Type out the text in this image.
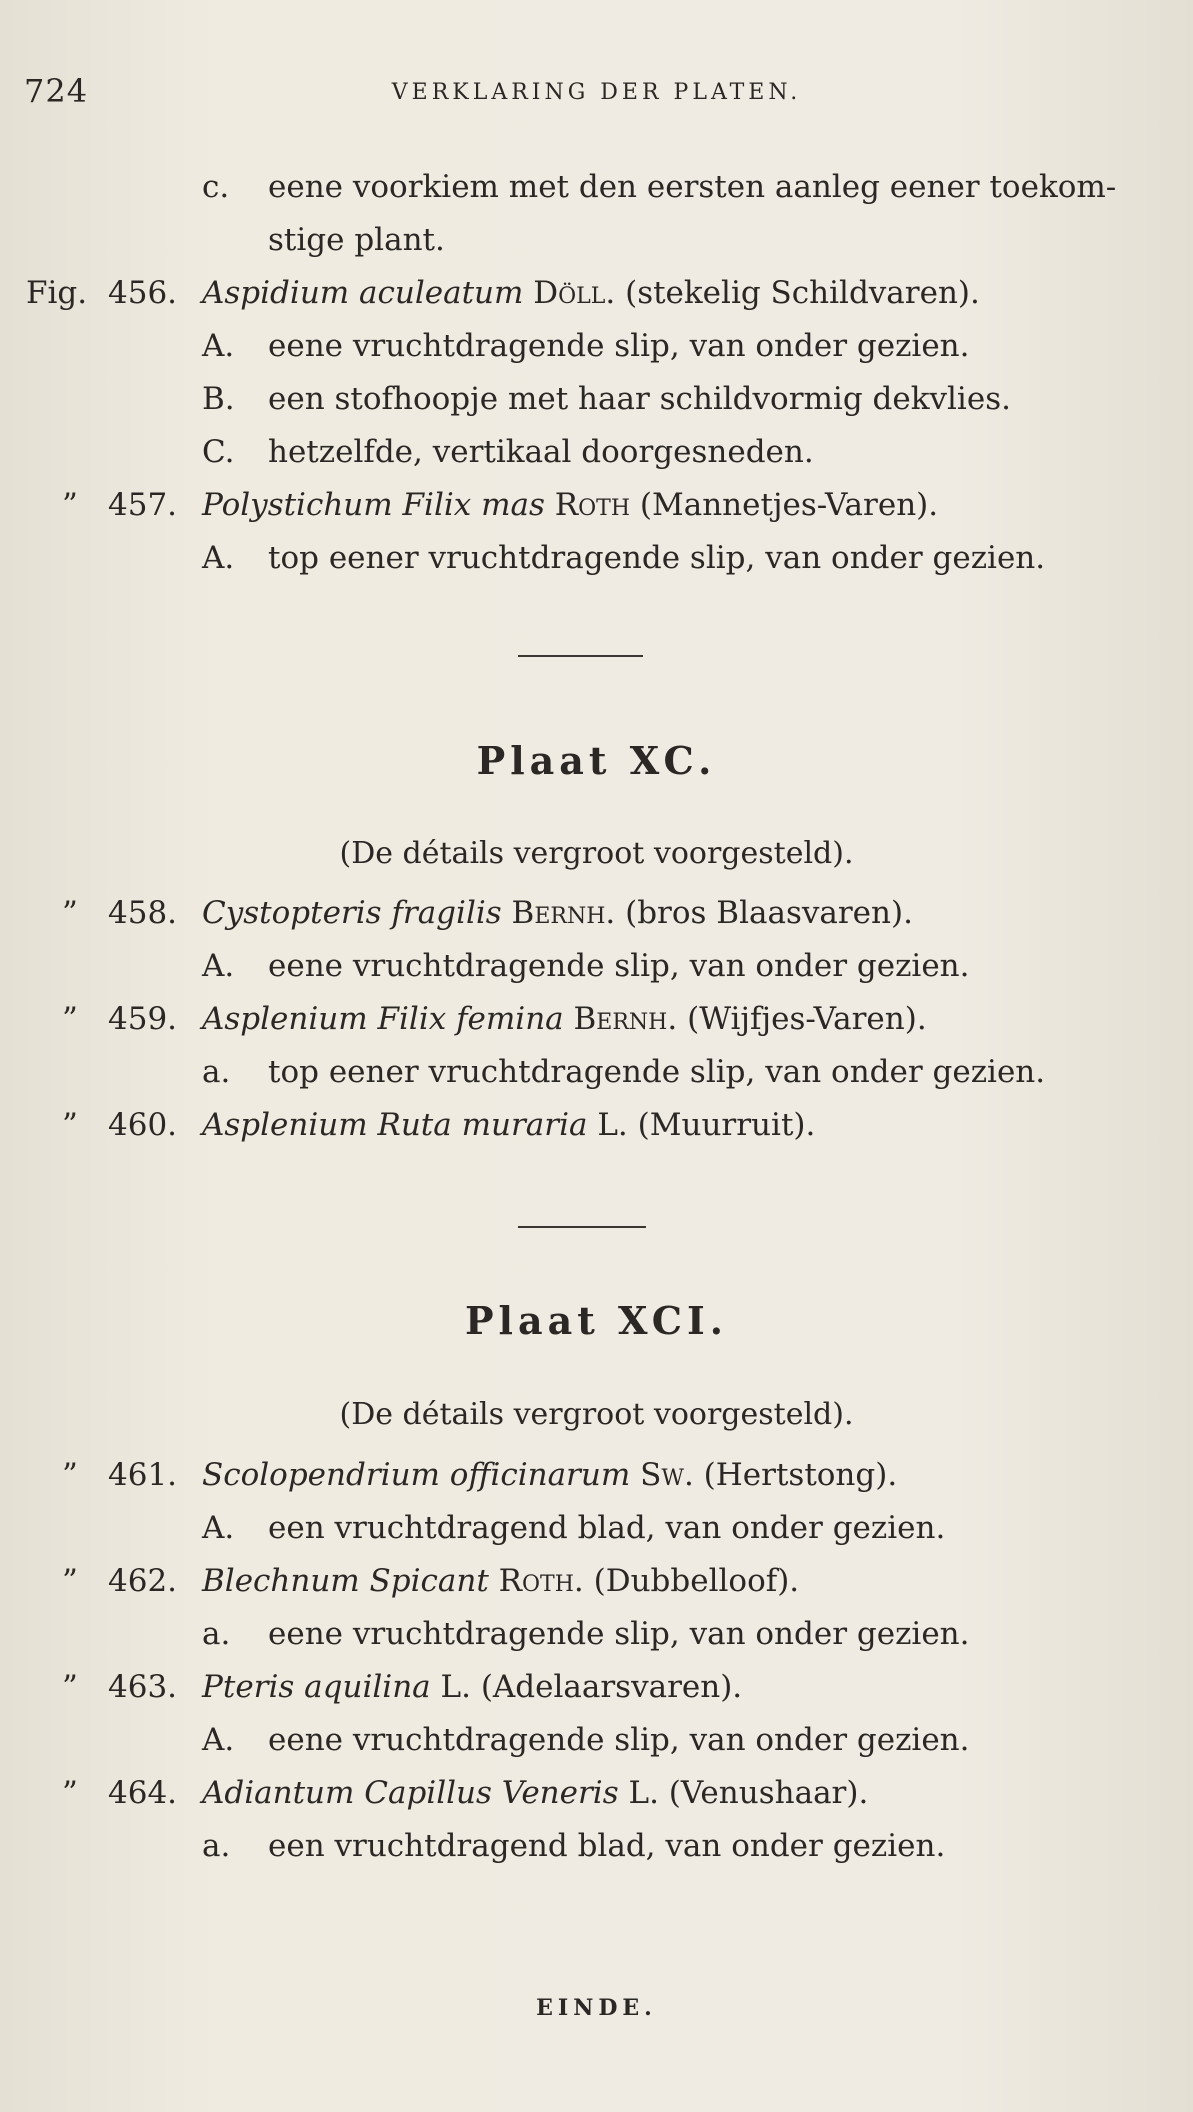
724	VERKLARING DER PLATEN.
c.	eene voorkiem met den eersten aanleg eener toekom-
stige plant.
Fig. 456. Aspidium aculeatum Döll. (stekelig Schildvaren).
A.	eene vruchtdragende slip, van onder gezien.
B.	een stofhoopje met haar schildvormig dekvlies.
C.	hetzelfde, vertikaal doorgesneden.
” 457. Polystichum Filix mas Roth (Mannetjes-Varen).
A.	top eener vruchtdragende slip, van onder gezien.
Plaat XC.
(De détails vergroot voorgesteld).
” 458. Cystopteris fragilis Bernh. (bros Blaasvaren).
A.	eene vruchtdragende slip, van onder gezien.
” 459. Asplenium Filix femina Bernh. (Wijfjes-Varen).
a.	top eener vruchtdragende slip, van onder gezien.
” 460. Asplenium Ruta muraria L. (Muurruit).
Plaat XCI.
(De détails vergroot voorgesteld).
” 461. Scolopendrium officinarum Sw. (Hertstong).
A.	een vruchtdragend blad, van onder gezien.
” 462. Blechnum Spicant Roth. (Dubbelloof).
a.	eene vruchtdragende slip, van onder gezien.
” 463. Pteris aquilina L. (Adelaarsvaren).
A.	eene vruchtdragende slip, van onder gezien.
” 464. Adiantum Capillus Veneris L. (Venushaar).
a.	een vruchtdragend blad, van onder gezien.
EINDE.
